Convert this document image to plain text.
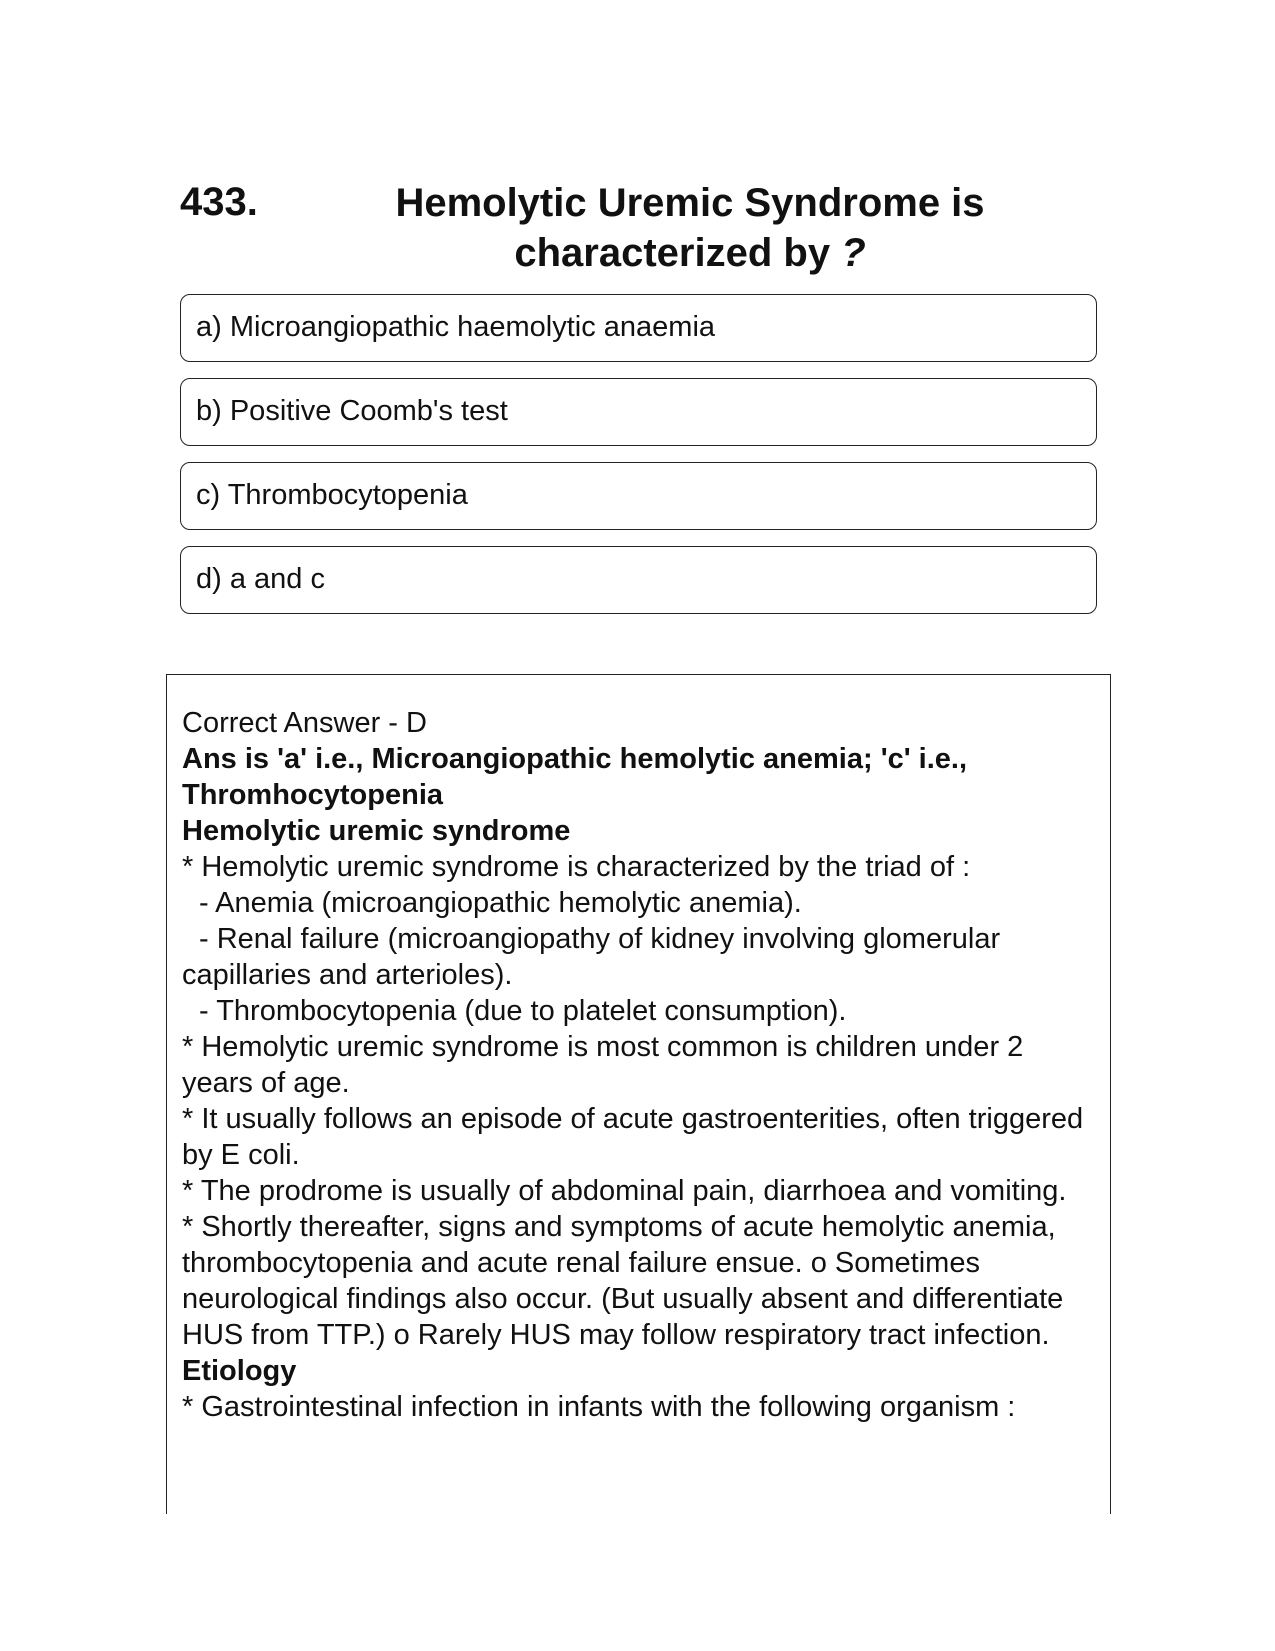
433.	Hemolytic Uremic Syndrome is
characterized by ?
a) Microangiopathic haemolytic anaemia
b) Positive Coomb's test
c) Thrombocytopenia
d) a and c
Correct Answer - D
Ans is 'a' i.e., Microangiopathic hemolytic anemia; 'c' i.e., Thromhocytopenia
Hemolytic uremic syndrome
* Hemolytic uremic syndrome is characterized by the triad of :
- Anemia (microangiopathic hemolytic anemia).
- Renal failure (microangiopathy of kidney involving glomerular capillaries and arterioles).
- Thrombocytopenia (due to platelet consumption).
* Hemolytic uremic syndrome is most common is children under 2 years of age.
* It usually follows an episode of acute gastroenterities, often triggered by E coli.
* The prodrome is usually of abdominal pain, diarrhoea and vomiting.
* Shortly thereafter, signs and symptoms of acute hemolytic anemia, thrombocytopenia and acute renal failure ensue. o Sometimes neurological findings also occur. (But usually absent and differentiate HUS from TTP.) o Rarely HUS may follow respiratory tract infection.
Etiology
* Gastrointestinal infection in infants with the following organism :
